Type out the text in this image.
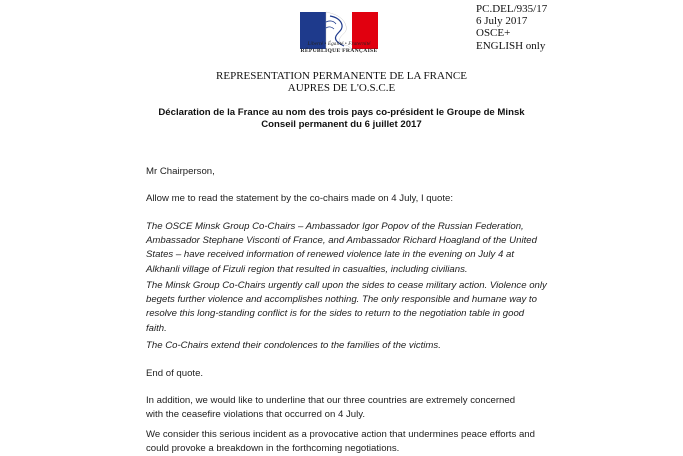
Liberté • Égalité • Fraternité
RÉPUBLIQUE FRANÇAISE
PC.DEL/935/17
6 July 2017
OSCE+
ENGLISH only
REPRESENTATION PERMANENTE DE LA FRANCE
AUPRES DE L'O.S.C.E
Déclaration de la France au nom des trois pays co-président le Groupe de Minsk
Conseil permanent du 6 juillet 2017
Mr Chairperson,
Allow me to read the statement by the co-chairs made on 4 July, I quote:
The OSCE Minsk Group Co-Chairs – Ambassador Igor Popov of the Russian Federation,
Ambassador Stephane Visconti of France, and Ambassador Richard Hoagland of the United
States – have received information of renewed violence late in the evening on July 4 at
Alkhanli village of Fizuli region that resulted in casualties, including civilians.
The Minsk Group Co-Chairs urgently call upon the sides to cease military action. Violence only
begets further violence and accomplishes nothing. The only responsible and humane way to
resolve this long-standing conflict is for the sides to return to the negotiation table in good
faith.
The Co-Chairs extend their condolences to the families of the victims.
End of quote.
In addition, we would like to underline that our three countries are extremely concerned
with the ceasefire violations that occurred on 4 July.
We consider this serious incident as a provocative action that undermines peace efforts and
could provoke a breakdown in the forthcoming negotiations.
